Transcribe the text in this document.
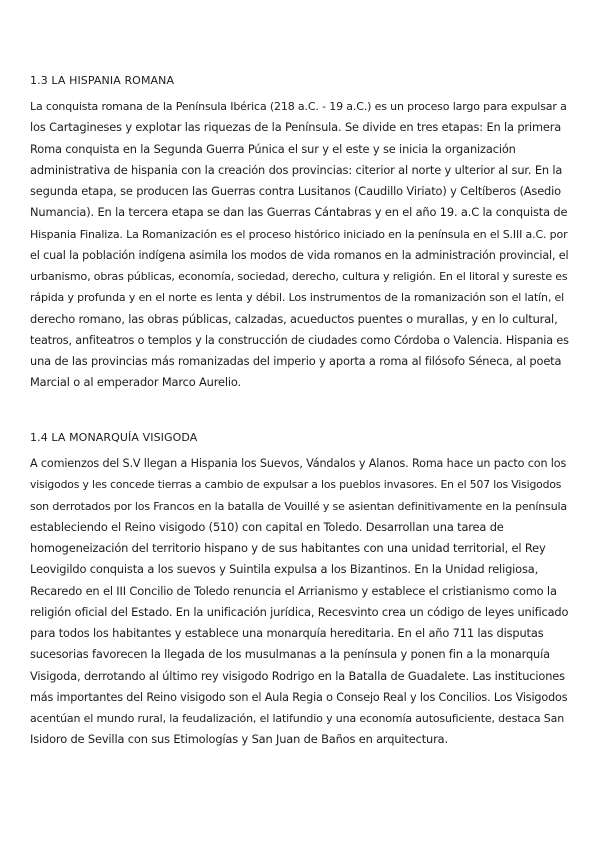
1.3 LA HISPANIA ROMANA
La conquista romana de la Península Ibérica (218 a.C. - 19 a.C.) es un proceso largo para expulsar a
los Cartagineses y explotar las riquezas de la Península. Se divide en tres etapas: En la primera
Roma conquista en la Segunda Guerra Púnica el sur y el este y se inicia la organización
administrativa de hispania con la creación dos provincias: citerior al norte y ulterior al sur. En la
segunda etapa, se producen las Guerras contra Lusitanos (Caudillo Viriato) y Celtíberos (Asedio
Numancia). En la tercera etapa se dan las Guerras Cántabras y en el año 19. a.C la conquista de
Hispania Finaliza. La Romanización es el proceso histórico iniciado en la península en el S.III a.C. por
el cual la población indígena asimila los modos de vida romanos en la administración provincial, el
urbanismo, obras públicas, economía, sociedad, derecho, cultura y religión. En el litoral y sureste es
rápida y profunda y en el norte es lenta y débil. Los instrumentos de la romanización son el latín, el
derecho romano, las obras públicas, calzadas, acueductos puentes o murallas, y en lo cultural,
teatros, anfiteatros o templos y la construcción de ciudades como Córdoba o Valencia. Hispania es
una de las provincias más romanizadas del imperio y aporta a roma al filósofo Séneca, al poeta
Marcial o al emperador Marco Aurelio.
1.4 LA MONARQUÍA VISIGODA
A comienzos del S.V llegan a Hispania los Suevos, Vándalos y Alanos. Roma hace un pacto con los
visigodos y les concede tierras a cambio de expulsar a los pueblos invasores. En el 507 los Visigodos
son derrotados por los Francos en la batalla de Vouillé y se asientan definitivamente en la península
estableciendo el Reino visigodo (510) con capital en Toledo. Desarrollan una tarea de
homogeneización del territorio hispano y de sus habitantes con una unidad territorial, el Rey
Leovigildo conquista a los suevos y Suintila expulsa a los Bizantinos. En la Unidad religiosa,
Recaredo en el III Concilio de Toledo renuncia el Arrianismo y establece el cristianismo como la
religión oficial del Estado. En la unificación jurídica, Recesvinto crea un código de leyes unificado
para todos los habitantes y establece una monarquía hereditaria. En el año 711 las disputas
sucesorias favorecen la llegada de los musulmanas a la península y ponen fin a la monarquía
Visigoda, derrotando al último rey visigodo Rodrigo en la Batalla de Guadalete. Las instituciones
más importantes del Reino visigodo son el Aula Regia o Consejo Real y los Concilios. Los Visigodos
acentúan el mundo rural, la feudalización, el latifundio y una economía autosuficiente, destaca San
Isidoro de Sevilla con sus Etimologías y San Juan de Baños en arquitectura.
